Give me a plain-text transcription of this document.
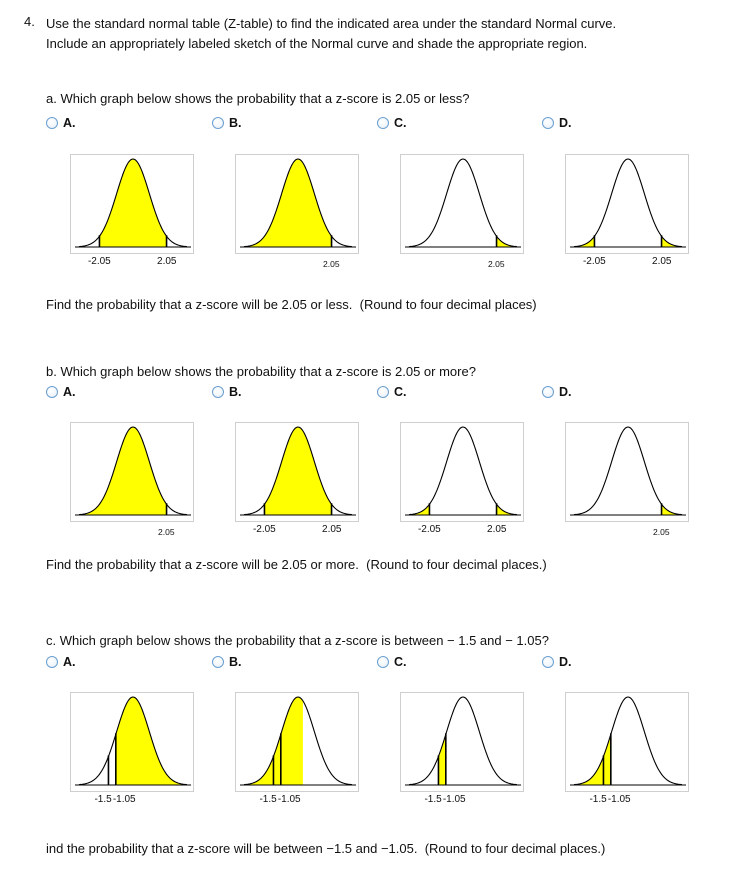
4. Use the standard normal table (Z-table) to find the indicated area under the standard Normal curve.
Include an appropriately labeled sketch of the Normal curve and shade the appropriate region.
a. Which graph below shows the probability that a z-score is 2.05 or less?
A.	B.	C.	D.
-2.05	2.05	2.05	2.05	-2.05	2.05
Find the probability that a z-score will be 2.05 or less. (Round to four decimal places)
b. Which graph below shows the probability that a z-score is 2.05 or more?
A.	B.	C.	D.
2.05	-2.05	2.05	-2.05	2.05	2.05
Find the probability that a z-score will be 2.05 or more. (Round to four decimal places.)
c. Which graph below shows the probability that a z-score is between − 1.5 and − 1.05?
A.	B.	C.	D.
-1.5 -1.05	-1.5 -1.05	-1.5 -1.05	-1.5 -1.05
ind the probability that a z-score will be between −1.5 and −1.05. (Round to four decimal places.)
